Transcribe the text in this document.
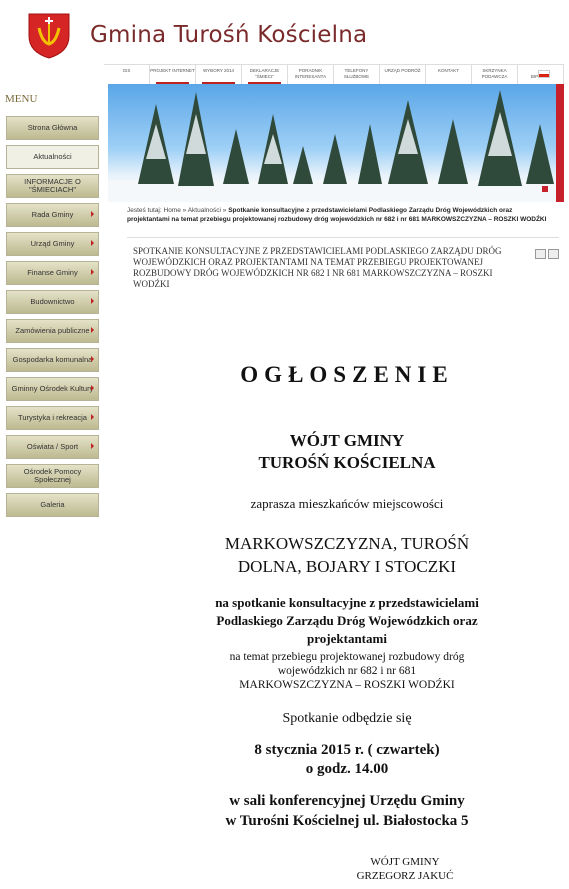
Gmina Turośń Kościelna
GIS	PROJEKT INTERNET	WYBORY 2014	DEKLARACJE "ŚMIECI"
PORADNIK INTERESANTA
TELEFONY SŁUŻBOWE
URZĄD PODRÓŻ	KONTAKT	SKRZYNKA PODAWCZA	BIP
MENU
Strona Główna
Aktualności
INFORMACJE O "ŚMIECIACH"
Rada Gminy
Urząd Gminy
Finanse Gminy
Budownictwo
Zamówienia publiczne
Gospodarka komunalna
Gminny Ośrodek Kultury
Turystyka i rekreacja
Oświata / Sport
Ośrodek Pomocy Społecznej
Galeria
Jesteś tutaj: Home » Aktualności » Spotkanie konsultacyjne z przedstawicielami Podlaskiego Zarządu Dróg Wojewódzkich oraz projektantami na temat przebiegu projektowanej rozbudowy dróg wojewódzkich nr 682 i nr 681 MARKOWSZCZYZNA – ROSZKI WODŹKI
SPOTKANIE KONSULTACYJNE Z PRZEDSTAWICIELAMI PODLASKIEGO ZARZĄDU DRÓG WOJEWÓDZKICH ORAZ PROJEKTANTAMI NA TEMAT PRZEBIEGU PROJEKTOWANEJ ROZBUDOWY DRÓG WOJEWÓDZKICH NR 682 I NR 681 MARKOWSZCZYZNA – ROSZKI WODŹKI
OGŁOSZENIE
WÓJT GMINY
TUROŚŃ KOŚCIELNA
zaprasza mieszkańców miejscowości
MARKOWSZCZYZNA, TUROŚŃ
DOLNA, BOJARY I STOCZKI
na spotkanie konsultacyjne z przedstawicielami
Podlaskiego Zarządu Dróg Wojewódzkich oraz
projektantami
na temat przebiegu projektowanej rozbudowy dróg
wojewódzkich nr 682 i nr 681
MARKOWSZCZYZNA – ROSZKI WODŹKI
Spotkanie odbędzie się
8 stycznia 2015 r. ( czwartek)
o godz. 14.00
w sali konferencyjnej Urzędu Gminy
w Turośni Kościelnej ul. Białostocka 5
WÓJT GMINY
GRZEGORZ JAKUĆ
